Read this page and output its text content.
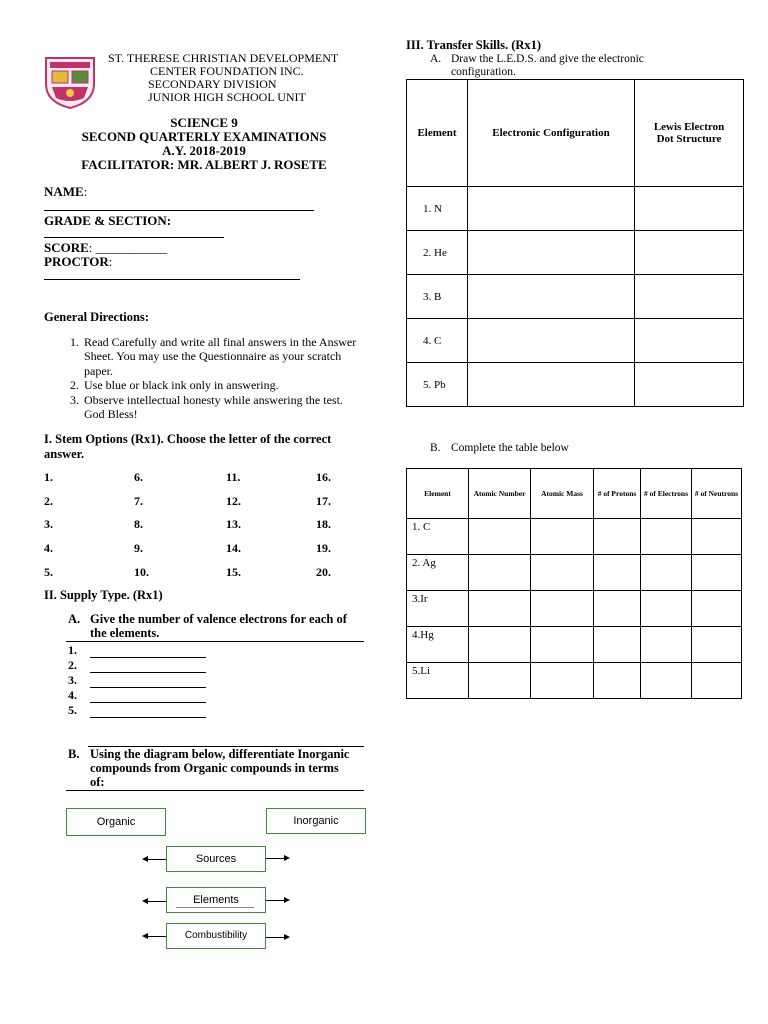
ST. THERESE CHRISTIAN DEVELOPMENT
CENTER FOUNDATION INC.
SECONDARY DIVISION
JUNIOR HIGH SCHOOL UNIT
SCIENCE 9
SECOND QUARTERLY EXAMINATIONS
A.Y. 2018-2019
FACILITATOR: MR. ALBERT J. ROSETE
NAME:
GRADE & SECTION:
SCORE: ___________
PROCTOR:
General Directions:
1. Read Carefully and write all final answers in the Answer Sheet. You may use the Questionnaire as your scratch paper.
2. Use blue or black ink only in answering.
3. Observe intellectual honesty while answering the test. God Bless!
I. Stem Options (Rx1). Choose the letter of the correct answer.
1.	6.	11.	16.
2.	7.	12.	17.
3.	8.	13.	18.
4.	9.	14.	19.
5.	10.	15.	20.
II. Supply Type. (Rx1)
A. Give the number of valence electrons for each of the elements.
1.
2.
3.
4.
5.
B. Using the diagram below, differentiate Inorganic compounds from Organic compounds in terms of:
Organic	Inorganic
Sources
Elements
Combustibility
III. Transfer Skills. (Rx1)
A. Draw the L.E.D.S. and give the electronic configuration.
Element	Electronic Configuration	Lewis Electron Dot Structure
1. N		
2. He		
3. B		
4. C		
5. Pb		
B. Complete the table below
Element	Atomic Number	Atomic Mass	# of Protons	# of Electrons	# of Neutrons
1. C					
2. Ag					
3.Ir					
4.Hg					
5.Li					
